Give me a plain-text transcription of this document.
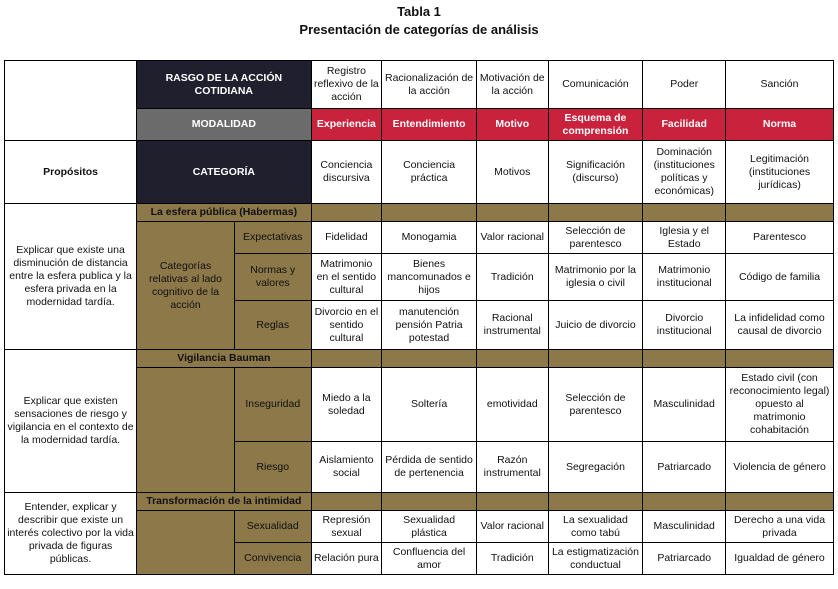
Tabla 1
Presentación de categorías de análisis
	RASGO DE LA ACCIÓN COTIDIANA		Registro reflexivo de la acción	Racionalización de la acción	Motivación de la acción	Comunicación	Poder	Sanción
	MODALIDAD		Experiencia	Entendimiento	Motivo	Esquema de comprensión	Facilidad	Norma
Propósitos	CATEGORÍA		Conciencia discursiva	Conciencia práctica	Motivos	Significación (discurso)	Dominación (instituciones políticas y económicas)	Legitimación (instituciones jurídicas)
Explicar que existe una disminución de distancia entre la esfera publica y la esfera privada en la modernidad tardía.	La esfera pública (Habermas)							
	Categorías relativas al lado cognitivo de la acción	Expectativas	Fidelidad	Monogamia	Valor racional	Selección de parentesco	Iglesia y el Estado	Parentesco
		Normas y valores	Matrimonio en el sentido cultural	Bienes mancomunados e hijos	Tradición	Matrimonio por la iglesia o civil	Matrimonio institucional	Código de familia
		Reglas	Divorcio en el sentido cultural	manutención pensión Patria potestad	Racional instrumental	Juicio de divorcio	Divorcio institucional	La infidelidad como causal de divorcio
Explicar que existen sensaciones de riesgo y vigilancia en el contexto de la modernidad tardía.	Vigilancia Bauman							
		Inseguridad	Miedo a la soledad	Soltería	emotividad	Selección de parentesco	Masculinidad	Estado civil (con reconocimiento legal) opuesto al matrimonio cohabitación
		Riesgo	Aislamiento social	Pérdida de sentido de pertenencia	Razón instrumental	Segregación	Patriarcado	Violencia de género
Entender, explicar y describir que existe un interés colectivo por la vida privada de figuras públicas.	Transformación de la intimidad							
		Sexualidad	Represión sexual	Sexualidad plástica	Valor racional	La sexualidad como tabú	Masculinidad	Derecho a una vida privada
		Convivencia	Relación pura	Confluencia del amor	Tradición	La estigmatización conductual	Patriarcado	Igualdad de género
